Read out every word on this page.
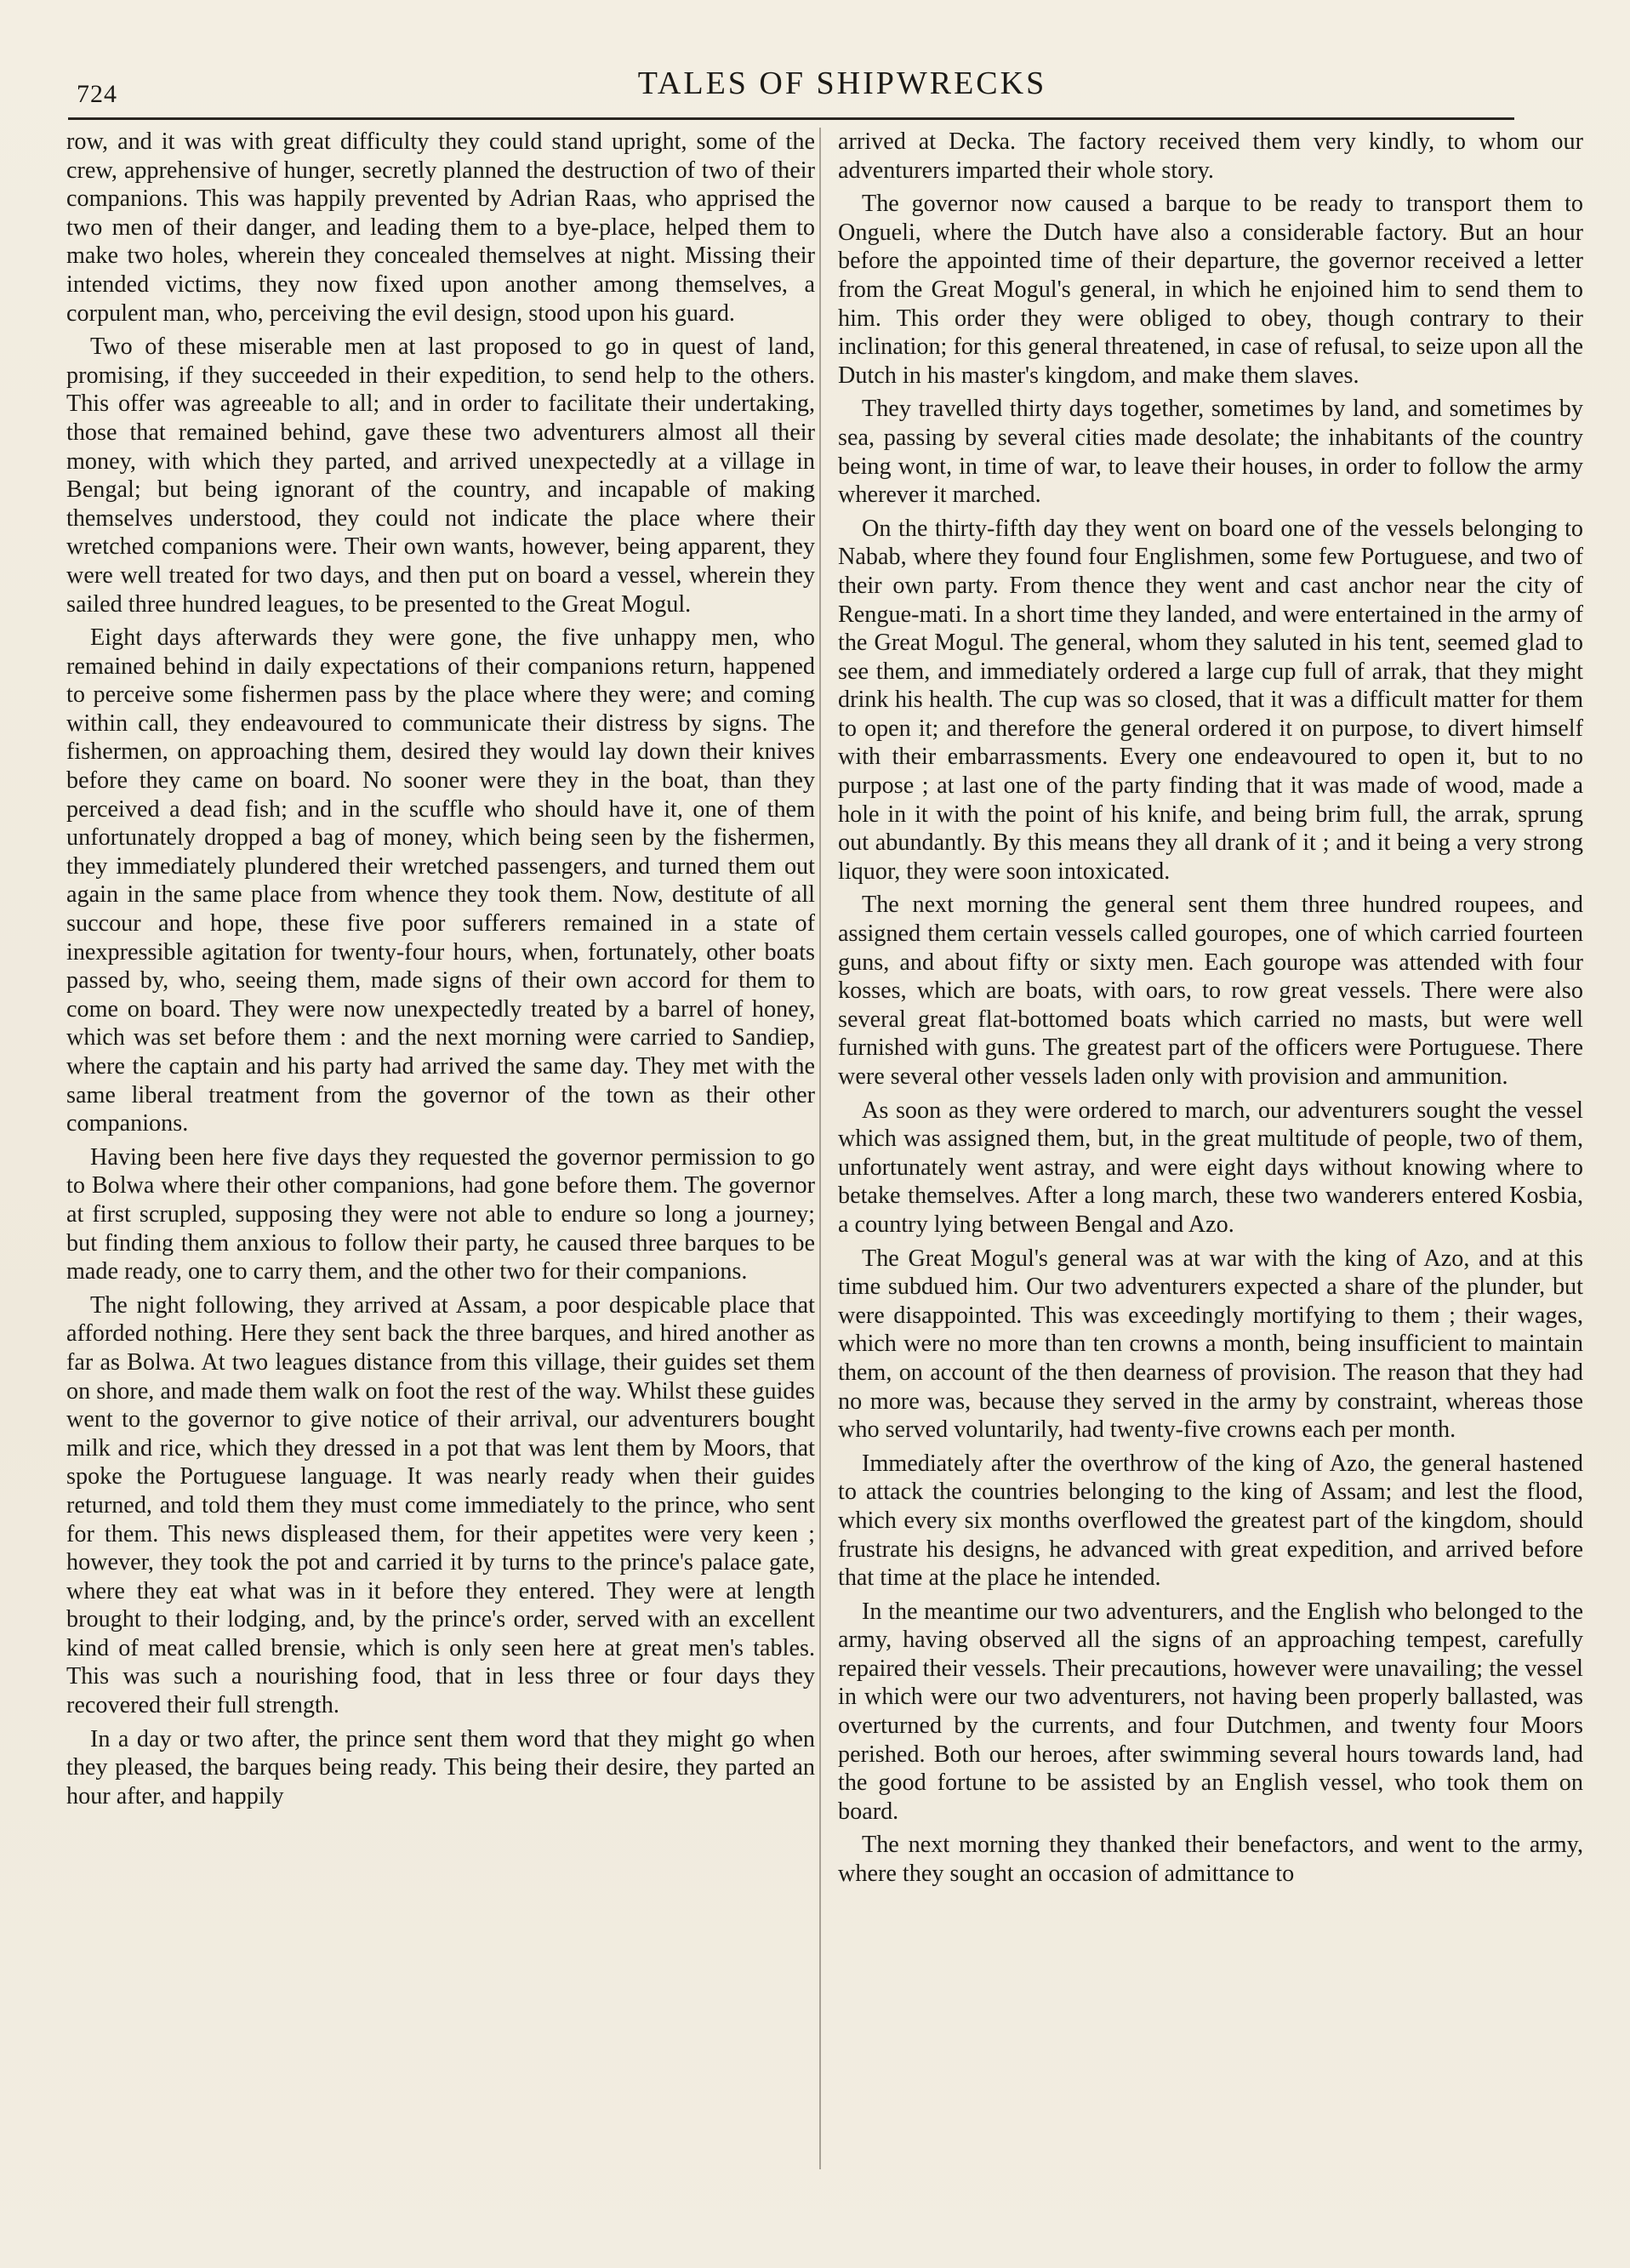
724	TALES OF SHIPWRECKS

row, and it was with great difficulty they could stand upright, some of the crew, apprehensive of hunger, secretly planned the destruction of two of their companions. This was happily prevented by Adrian Raas, who apprised the two men of their danger, and leading them to a bye-place, helped them to make two holes, wherein they concealed themselves at night. Missing their intended victims, they now fixed upon another among themselves, a corpulent man, who, perceiving the evil design, stood upon his guard.

Two of these miserable men at last proposed to go in quest of land, promising, if they succeeded in their expedition, to send help to the others. This offer was agreeable to all; and in order to facilitate their undertaking, those that remained behind, gave these two adventurers almost all their money, with which they parted, and arrived unexpectedly at a village in Bengal; but being ignorant of the country, and incapable of making themselves understood, they could not indicate the place where their wretched companions were. Their own wants, however, being apparent, they were well treated for two days, and then put on board a vessel, wherein they sailed three hundred leagues, to be presented to the Great Mogul.

Eight days afterwards they were gone, the five unhappy men, who remained behind in daily expectations of their companions return, happened to perceive some fishermen pass by the place where they were; and coming within call, they endeavoured to communicate their distress by signs. The fishermen, on approaching them, desired they would lay down their knives before they came on board. No sooner were they in the boat, than they perceived a dead fish; and in the scuffle who should have it, one of them unfortunately dropped a bag of money, which being seen by the fishermen, they immediately plundered their wretched passengers, and turned them out again in the same place from whence they took them. Now, destitute of all succour and hope, these five poor sufferers remained in a state of inexpressible agitation for twenty-four hours, when, fortunately, other boats passed by, who, seeing them, made signs of their own accord for them to come on board. They were now unexpectedly treated by a barrel of honey, which was set before them : and the next morning were carried to Sandiep, where the captain and his party had arrived the same day. They met with the same liberal treatment from the governor of the town as their other companions.

Having been here five days they requested the governor permission to go to Bolwa where their other companions, had gone before them. The governor at first scrupled, supposing they were not able to endure so long a journey; but finding them anxious to follow their party, he caused three barques to be made ready, one to carry them, and the other two for their companions.

The night following, they arrived at Assam, a poor despicable place that afforded nothing. Here they sent back the three barques, and hired another as far as Bolwa. At two leagues distance from this village, their guides set them on shore, and made them walk on foot the rest of the way. Whilst these guides went to the governor to give notice of their arrival, our adventurers bought milk and rice, which they dressed in a pot that was lent them by Moors, that spoke the Portuguese language. It was nearly ready when their guides returned, and told them they must come immediately to the prince, who sent for them. This news displeased them, for their appetites were very keen ; however, they took the pot and carried it by turns to the prince's palace gate, where they eat what was in it before they entered. They were at length brought to their lodging, and, by the prince's order, served with an excellent kind of meat called brensie, which is only seen here at great men's tables. This was such a nourishing food, that in less three or four days they recovered their full strength.

In a day or two after, the prince sent them word that they might go when they pleased, the barques being ready. This being their desire, they parted an hour after, and happily

arrived at Decka. The factory received them very kindly, to whom our adventurers imparted their whole story.

The governor now caused a barque to be ready to transport them to Ongueli, where the Dutch have also a considerable factory. But an hour before the appointed time of their departure, the governor received a letter from the Great Mogul's general, in which he enjoined him to send them to him. This order they were obliged to obey, though contrary to their inclination; for this general threatened, in case of refusal, to seize upon all the Dutch in his master's kingdom, and make them slaves.

They travelled thirty days together, sometimes by land, and sometimes by sea, passing by several cities made desolate; the inhabitants of the country being wont, in time of war, to leave their houses, in order to follow the army wherever it marched.

On the thirty-fifth day they went on board one of the vessels belonging to Nabab, where they found four Englishmen, some few Portuguese, and two of their own party. From thence they went and cast anchor near the city of Rengue-mati. In a short time they landed, and were entertained in the army of the Great Mogul. The general, whom they saluted in his tent, seemed glad to see them, and immediately ordered a large cup full of arrak, that they might drink his health. The cup was so closed, that it was a difficult matter for them to open it; and therefore the general ordered it on purpose, to divert himself with their embarrassments. Every one endeavoured to open it, but to no purpose ; at last one of the party finding that it was made of wood, made a hole in it with the point of his knife, and being brim full, the arrak, sprung out abundantly. By this means they all drank of it ; and it being a very strong liquor, they were soon intoxicated.

The next morning the general sent them three hundred roupees, and assigned them certain vessels called gouropes, one of which carried fourteen guns, and about fifty or sixty men. Each gourope was attended with four kosses, which are boats, with oars, to row great vessels. There were also several great flat-bottomed boats which carried no masts, but were well furnished with guns. The greatest part of the officers were Portuguese. There were several other vessels laden only with provision and ammunition.

As soon as they were ordered to march, our adventurers sought the vessel which was assigned them, but, in the great multitude of people, two of them, unfortunately went astray, and were eight days without knowing where to betake themselves. After a long march, these two wanderers entered Kosbia, a country lying between Bengal and Azo.

The Great Mogul's general was at war with the king of Azo, and at this time subdued him. Our two adventurers expected a share of the plunder, but were disappointed. This was exceedingly mortifying to them ; their wages, which were no more than ten crowns a month, being insufficient to maintain them, on account of the then dearness of provision. The reason that they had no more was, because they served in the army by constraint, whereas those who served voluntarily, had twenty-five crowns each per month.

Immediately after the overthrow of the king of Azo, the general hastened to attack the countries belonging to the king of Assam; and lest the flood, which every six months overflowed the greatest part of the kingdom, should frustrate his designs, he advanced with great expedition, and arrived before that time at the place he intended.

In the meantime our two adventurers, and the English who belonged to the army, having observed all the signs of an approaching tempest, carefully repaired their vessels. Their precautions, however were unavailing; the vessel in which were our two adventurers, not having been properly ballasted, was overturned by the currents, and four Dutchmen, and twenty four Moors perished. Both our heroes, after swimming several hours towards land, had the good fortune to be assisted by an English vessel, who took them on board.

The next morning they thanked their benefactors, and went to the army, where they sought an occasion of admittance to
